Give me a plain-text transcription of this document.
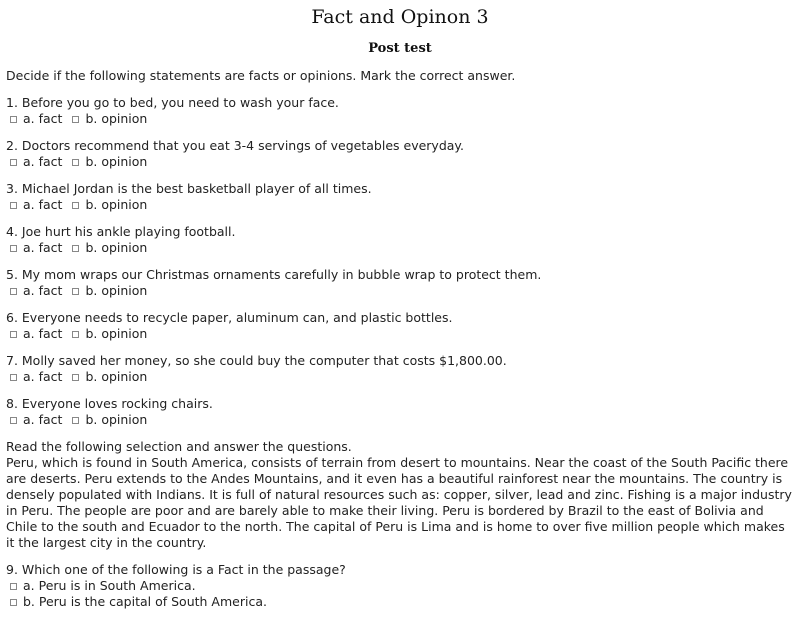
Fact and Opinon 3
Post test
Decide if the following statements are facts or opinions. Mark the correct answer.
1. Before you go to bed, you need to wash your face.
a. fact b. opinion
2. Doctors recommend that you eat 3-4 servings of vegetables everyday.
a. fact b. opinion
3. Michael Jordan is the best basketball player of all times.
a. fact b. opinion
4. Joe hurt his ankle playing football.
a. fact b. opinion
5. My mom wraps our Christmas ornaments carefully in bubble wrap to protect them.
a. fact b. opinion
6. Everyone needs to recycle paper, aluminum can, and plastic bottles.
a. fact b. opinion
7. Molly saved her money, so she could buy the computer that costs $1,800.00.
a. fact b. opinion
8. Everyone loves rocking chairs.
a. fact b. opinion
Read the following selection and answer the questions.
Peru, which is found in South America, consists of terrain from desert to mountains. Near the coast of the South Pacific there are deserts. Peru extends to the Andes Mountains, and it even has a beautiful rainforest near the mountains. The country is densely populated with Indians. It is full of natural resources such as: copper, silver, lead and zinc. Fishing is a major industry in Peru. The people are poor and are barely able to make their living. Peru is bordered by Brazil to the east of Bolivia and Chile to the south and Ecuador to the north. The capital of Peru is Lima and is home to over five million people which makes it the largest city in the country.
9. Which one of the following is a Fact in the passage?
a. Peru is in South America.
b. Peru is the capital of South America.
